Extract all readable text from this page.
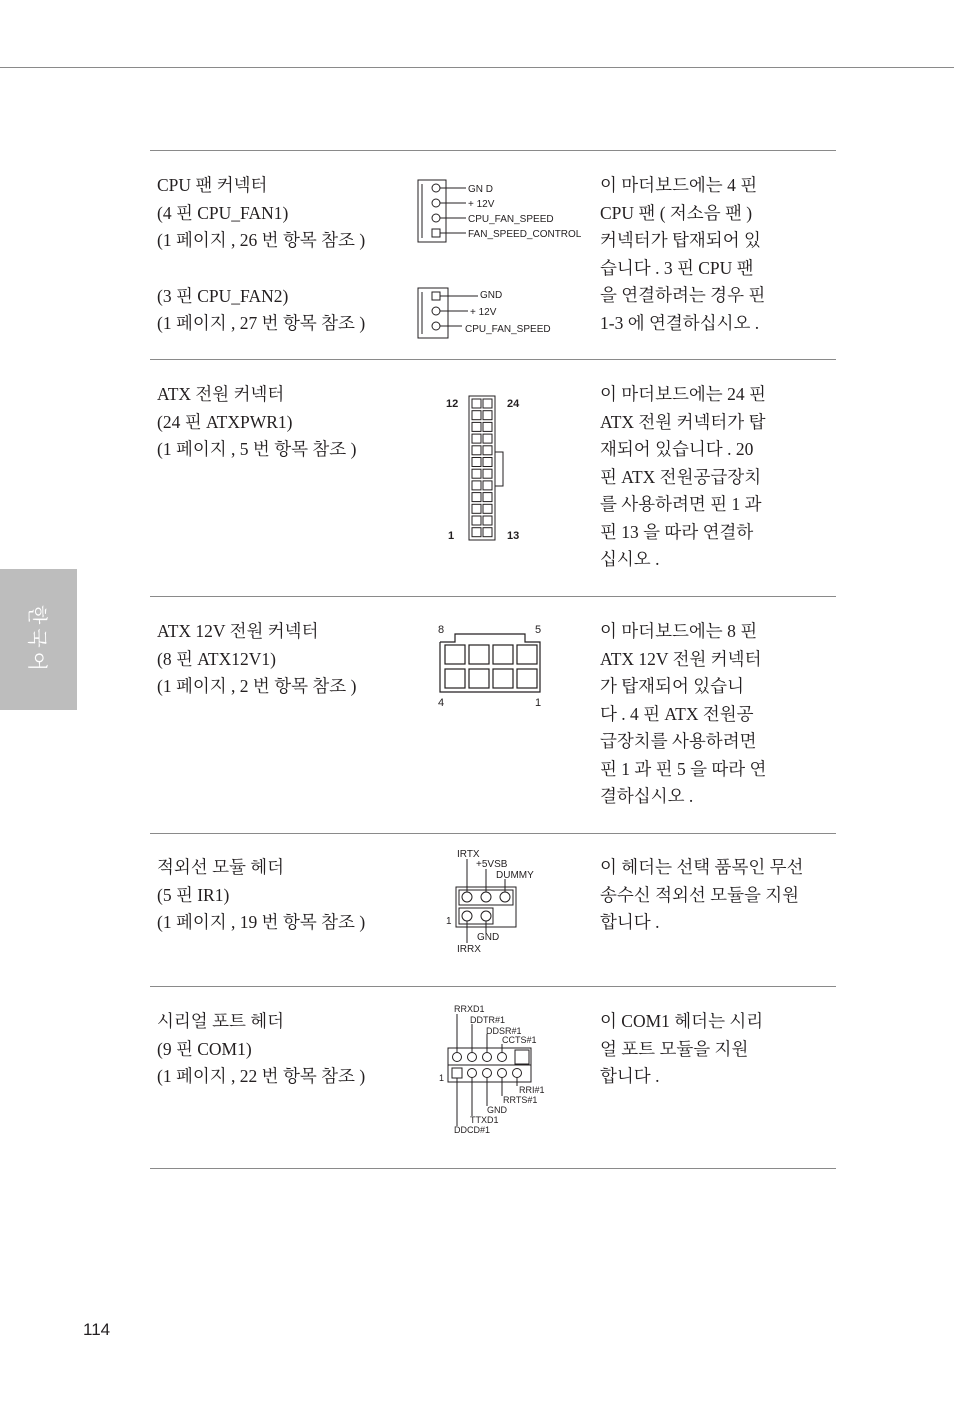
한국어
114
CPU 팬 커넥터
(4 핀 CPU_FAN1)
(1 페이지 , 26 번 항목 참조 )
(3 핀 CPU_FAN2)
(1 페이지 , 27 번 항목 참조 )
이 마더보드에는 4 핀
CPU 팬 ( 저소음 팬 )
커넥터가 탑재되어 있
습니다 . 3 핀 CPU 팬
을 연결하려는 경우 핀
1-3 에 연결하십시오 .
GN D
+ 12V
CPU_FAN_SPEED
FAN_SPEED_CONTROL
GND
+ 12V
CPU_FAN_SPEED
ATX 전원 커넥터
(24 핀 ATXPWR1)
(1 페이지 , 5 번 항목 참조 )
이 마더보드에는 24 핀
ATX 전원 커넥터가 탑
재되어 있습니다 . 20
핀 ATX 전원공급장치
를 사용하려면 핀 1 과
핀 13 을 따라 연결하
십시오 .
12	24
1	13
ATX 12V 전원 커넥터
(8 핀 ATX12V1)
(1 페이지 , 2 번 항목 참조 )
이 마더보드에는 8 핀
ATX 12V 전원 커넥터
가 탑재되어 있습니
다 . 4 핀 ATX 전원공
급장치를 사용하려면
핀 1 과 핀 5 을 따라 연
결하십시오 .
8	5
4	1
적외선 모듈 헤더
(5 핀 IR1)
(1 페이지 , 19 번 항목 참조 )
이 헤더는 선택 품목인 무선
송수신 적외선 모듈을 지원
합니다 .
IRTX
+5VSB
DUMMY
1
GND
IRRX
시리얼 포트 헤더
(9 핀 COM1)
(1 페이지 , 22 번 항목 참조 )
이 COM1 헤더는 시리
얼 포트 모듈을 지원
합니다 .
RRXD1
DDTR#1
DDSR#1
CCTS#1
1
RRI#1
RRTS#1
GND
TTXD1
DDCD#1
